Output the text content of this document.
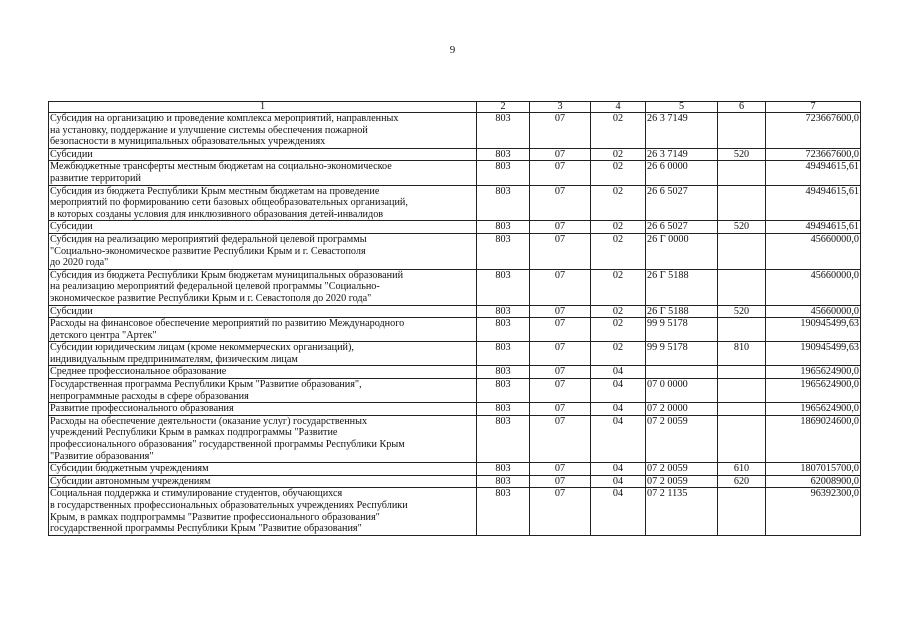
9
1	2	3	4	5	6	7

Субсидия на организацию и проведение комплекса мероприятий, направленных
на установку, поддержание и улучшение системы обеспечения пожарной
безопасности в муниципальных образовательных учреждениях	803	07	02	26 3 7149		723667600,0

Субсидии	803	07	02	26 3 7149	520	723667600,0

Межбюджетные трансферты местным бюджетам на социально-экономическое
развитие территорий	803	07	02	26 6 0000		49494615,61

Субсидия из бюджета Республики Крым местным бюджетам на проведение
мероприятий по формированию сети базовых общеобразовательных организаций,
в которых созданы условия для инклюзивного образования детей-инвалидов	803	07	02	26 6 5027		49494615,61

Субсидии	803	07	02	26 6 5027	520	49494615,61

Субсидия на реализацию мероприятий федеральной целевой программы
"Социально-экономическое развитие Республики Крым и г. Севастополя
до 2020 года"	803	07	02	26 Г 0000		45660000,0

Субсидия из бюджета Республики Крым бюджетам муниципальных образований
на реализацию мероприятий федеральной целевой программы "Социально-
экономическое развитие Республики Крым и г. Севастополя до 2020 года"	803	07	02	26 Г 5188		45660000,0

Субсидии	803	07	02	26 Г 5188	520	45660000,0

Расходы на финансовое обеспечение мероприятий по развитию Международного
детского центра "Артек"	803	07	02	99 9 5178		190945499,63

Субсидии юридическим лицам (кроме некоммерческих организаций),
индивидуальным предпринимателям, физическим лицам	803	07	02	99 9 5178	810	190945499,63

Среднее профессиональное образование	803	07	04			1965624900,0

Государственная программа Республики Крым "Развитие образования",
непрограммные расходы в сфере образования	803	07	04	07 0 0000		1965624900,0

Развитие профессионального образования	803	07	04	07 2 0000		1965624900,0

Расходы на обеспечение деятельности (оказание услуг) государственных
учреждений Республики Крым в рамках подпрограммы "Развитие
профессионального образования" государственной программы Республики Крым
"Развитие образования"	803	07	04	07 2 0059		1869024600,0

Субсидии бюджетным учреждениям	803	07	04	07 2 0059	610	1807015700,0

Субсидии автономным учреждениям	803	07	04	07 2 0059	620	62008900,0

Социальная поддержка и стимулирование студентов, обучающихся
в государственных профессиональных образовательных учреждениях Республики
Крым, в рамках подпрограммы "Развитие профессионального образования"
государственной программы Республики Крым "Развитие образования"	803	07	04	07 2 1135		96392300,0
